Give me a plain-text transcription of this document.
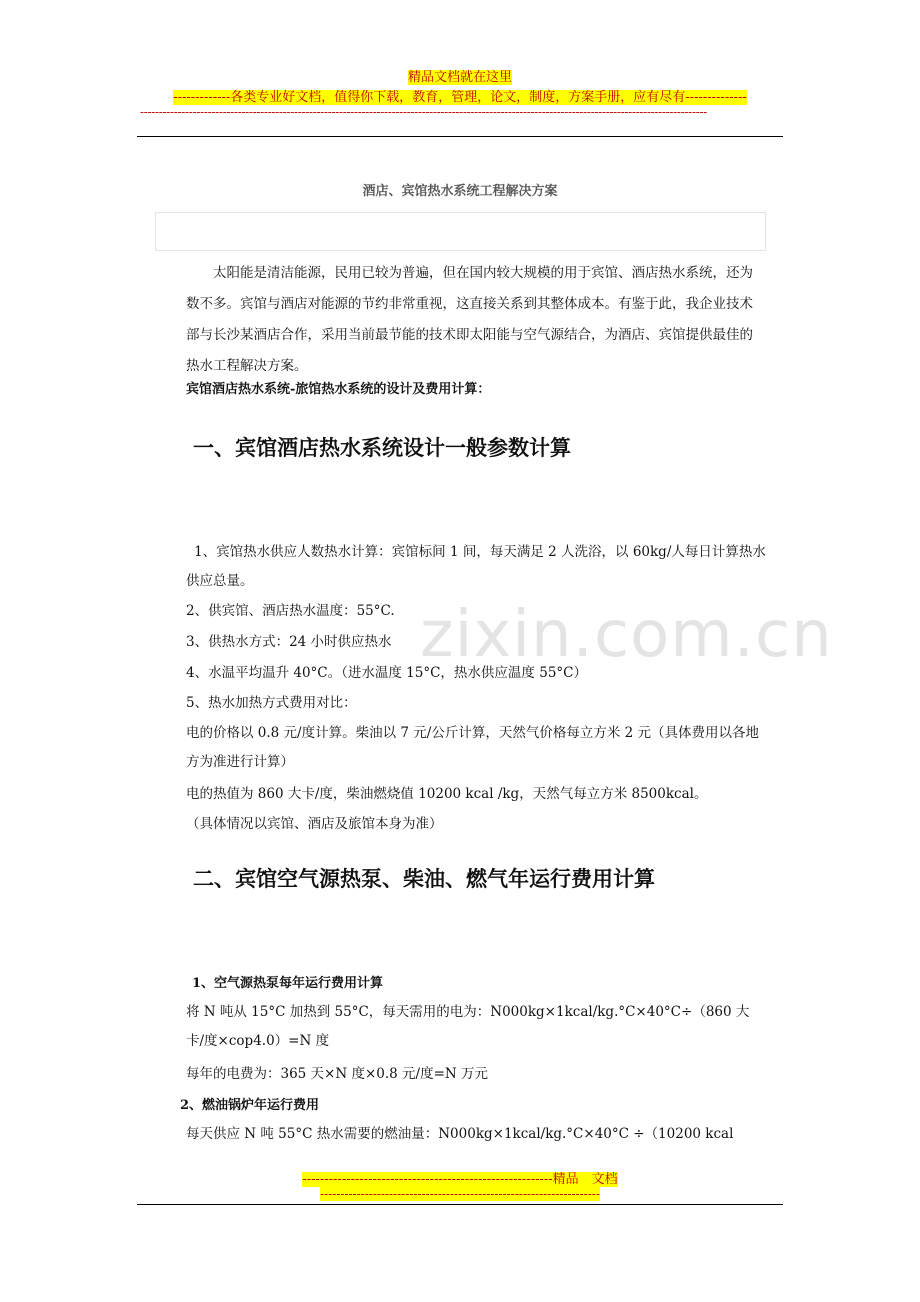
精品文档就在这里
-------------各类专业好文档，值得你下载，教育，管理，论文，制度，方案手册，应有尽有--------------
-------------------------------------------------------------------------------------------------------------------------------------------------------
酒店、宾馆热水系统工程解决方案
太阳能是清洁能源，民用已较为普遍，但在国内较大规模的用于宾馆、酒店热水系统，还为数不多。宾馆与酒店对能源的节约非常重视，这直接关系到其整体成本。有鉴于此，我企业技术部与长沙某酒店合作，采用当前最节能的技术即太阳能与空气源结合，为酒店、宾馆提供最佳的热水工程解决方案。
宾馆酒店热水系统-旅馆热水系统的设计及费用计算：
一、宾馆酒店热水系统设计一般参数计算
1、宾馆热水供应人数热水计算：宾馆标间 1 间，每天满足 2 人洗浴，以 60kg/人每日计算热水供应总量。
2、供宾馆、酒店热水温度：55°C.
3、供热水方式：24 小时供应热水
4、水温平均温升 40°C。（进水温度 15°C，热水供应温度 55°C）
5、热水加热方式费用对比：
电的价格以 0.8 元/度计算。柴油以 7 元/公斤计算，天然气价格每立方米 2 元（具体费用以各地方为准进行计算）
电的热值为 860 大卡/度，柴油燃烧值 10200 kcal /kg，天然气每立方米 8500kcal。
（具体情况以宾馆、酒店及旅馆本身为准）
二、宾馆空气源热泵、柴油、燃气年运行费用计算
1、空气源热泵每年运行费用计算
将 N 吨从 15°C 加热到 55°C，每天需用的电为：N000kg×1kcal/kg.°C×40°C÷（860 大卡/度×cop4.0）=N 度
每年的电费为：365 天×N 度×0.8 元/度=N 万元
2、燃油锅炉年运行费用
每天供应 N 吨 55°C 热水需要的燃油量：N000kg×1kcal/kg.°C×40°C ÷（10200 kcal
zixin.com.cn
---------------------------------------------------------精品　文档
---------------------------------------------------------------------
